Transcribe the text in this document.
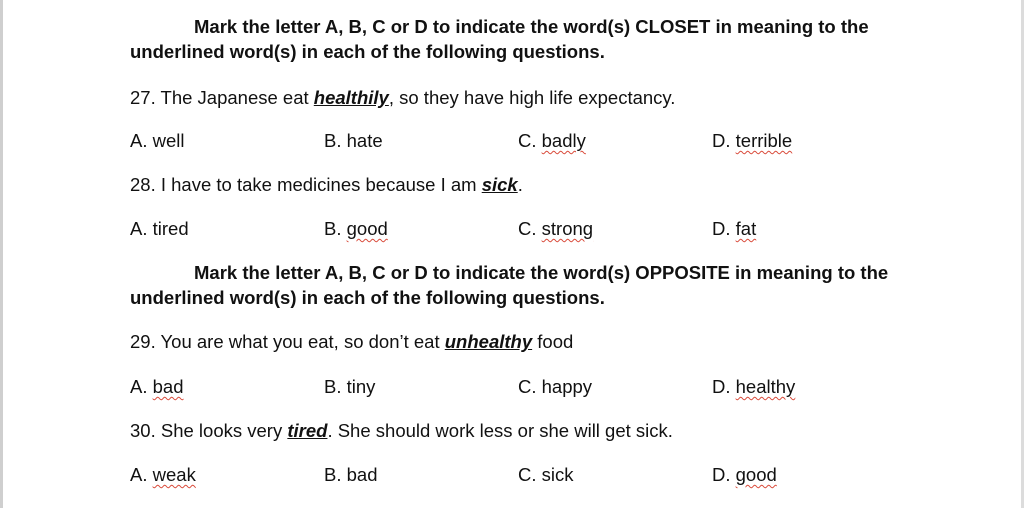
Mark the letter A, B, C or D to indicate the word(s) CLOSET in meaning to the underlined word(s) in each of the following questions.

27. The Japanese eat healthily, so they have high life expectancy.

A. well	B. hate	C. badly	D. terrible

28. I have to take medicines because I am sick.

A. tired	B. good	C. strong	D. fat

Mark the letter A, B, C or D to indicate the word(s) OPPOSITE in meaning to the underlined word(s) in each of the following questions.

29. You are what you eat, so don’t eat unhealthy food

A. bad	B. tiny	C. happy	D. healthy

30. She looks very tired. She should work less or she will get sick.

A. weak	B. bad	C. sick	D. good
